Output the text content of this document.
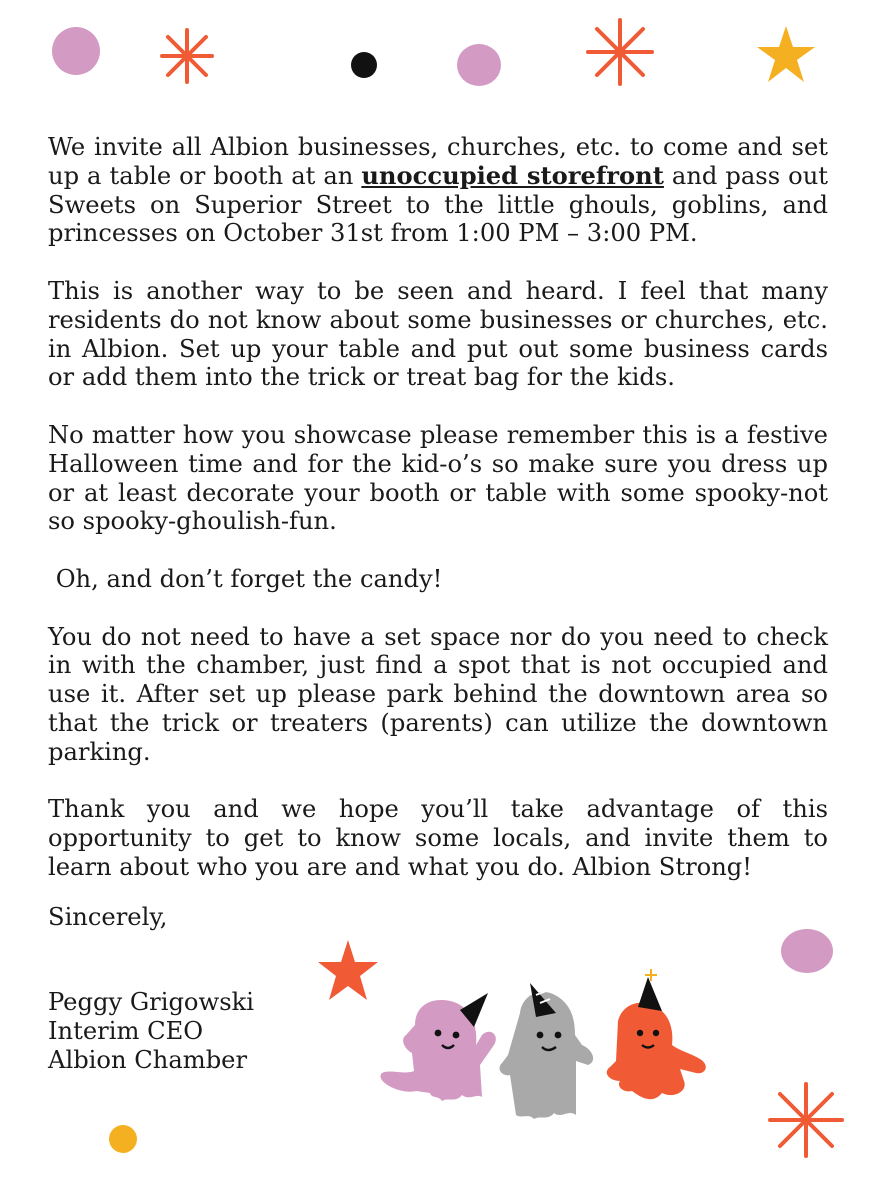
We invite all Albion businesses, churches, etc. to come and set up a table or booth at an unoccupied storefront and pass out Sweets on Superior Street to the little ghouls, goblins, and princesses on October 31st from 1:00 PM – 3:00 PM.

This is another way to be seen and heard. I feel that many residents do not know about some businesses or churches, etc. in Albion. Set up your table and put out some business cards or add them into the trick or treat bag for the kids.

No matter how you showcase please remember this is a festive Halloween time and for the kid-o’s so make sure you dress up or at least decorate your booth or table with some spooky-not so spooky-ghoulish-fun.

Oh, and don’t forget the candy!

You do not need to have a set space nor do you need to check in with the chamber, just find a spot that is not occupied and use it. After set up please park behind the downtown area so that the trick or treaters (parents) can utilize the downtown parking.

Thank you and we hope you’ll take advantage of this opportunity to get to know some locals, and invite them to learn about who you are and what you do. Albion Strong!

Sincerely,
Peggy Grigowski
Interim CEO
Albion Chamber
